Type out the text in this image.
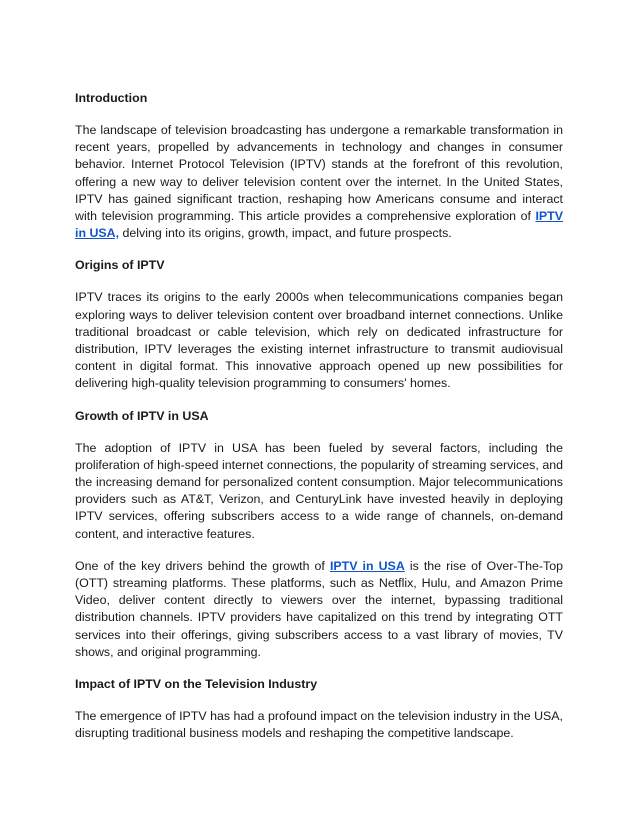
Introduction

The landscape of television broadcasting has undergone a remarkable transformation in recent years, propelled by advancements in technology and changes in consumer behavior. Internet Protocol Television (IPTV) stands at the forefront of this revolution, offering a new way to deliver television content over the internet. In the United States, IPTV has gained significant traction, reshaping how Americans consume and interact with television programming. This article provides a comprehensive exploration of IPTV in USA, delving into its origins, growth, impact, and future prospects.

Origins of IPTV

IPTV traces its origins to the early 2000s when telecommunications companies began exploring ways to deliver television content over broadband internet connections. Unlike traditional broadcast or cable television, which rely on dedicated infrastructure for distribution, IPTV leverages the existing internet infrastructure to transmit audiovisual content in digital format. This innovative approach opened up new possibilities for delivering high-quality television programming to consumers' homes.

Growth of IPTV in USA

The adoption of IPTV in USA has been fueled by several factors, including the proliferation of high-speed internet connections, the popularity of streaming services, and the increasing demand for personalized content consumption. Major telecommunications providers such as AT&T, Verizon, and CenturyLink have invested heavily in deploying IPTV services, offering subscribers access to a wide range of channels, on-demand content, and interactive features.

One of the key drivers behind the growth of IPTV in USA is the rise of Over-The-Top (OTT) streaming platforms. These platforms, such as Netflix, Hulu, and Amazon Prime Video, deliver content directly to viewers over the internet, bypassing traditional distribution channels. IPTV providers have capitalized on this trend by integrating OTT services into their offerings, giving subscribers access to a vast library of movies, TV shows, and original programming.

Impact of IPTV on the Television Industry

The emergence of IPTV has had a profound impact on the television industry in the USA, disrupting traditional business models and reshaping the competitive landscape.
